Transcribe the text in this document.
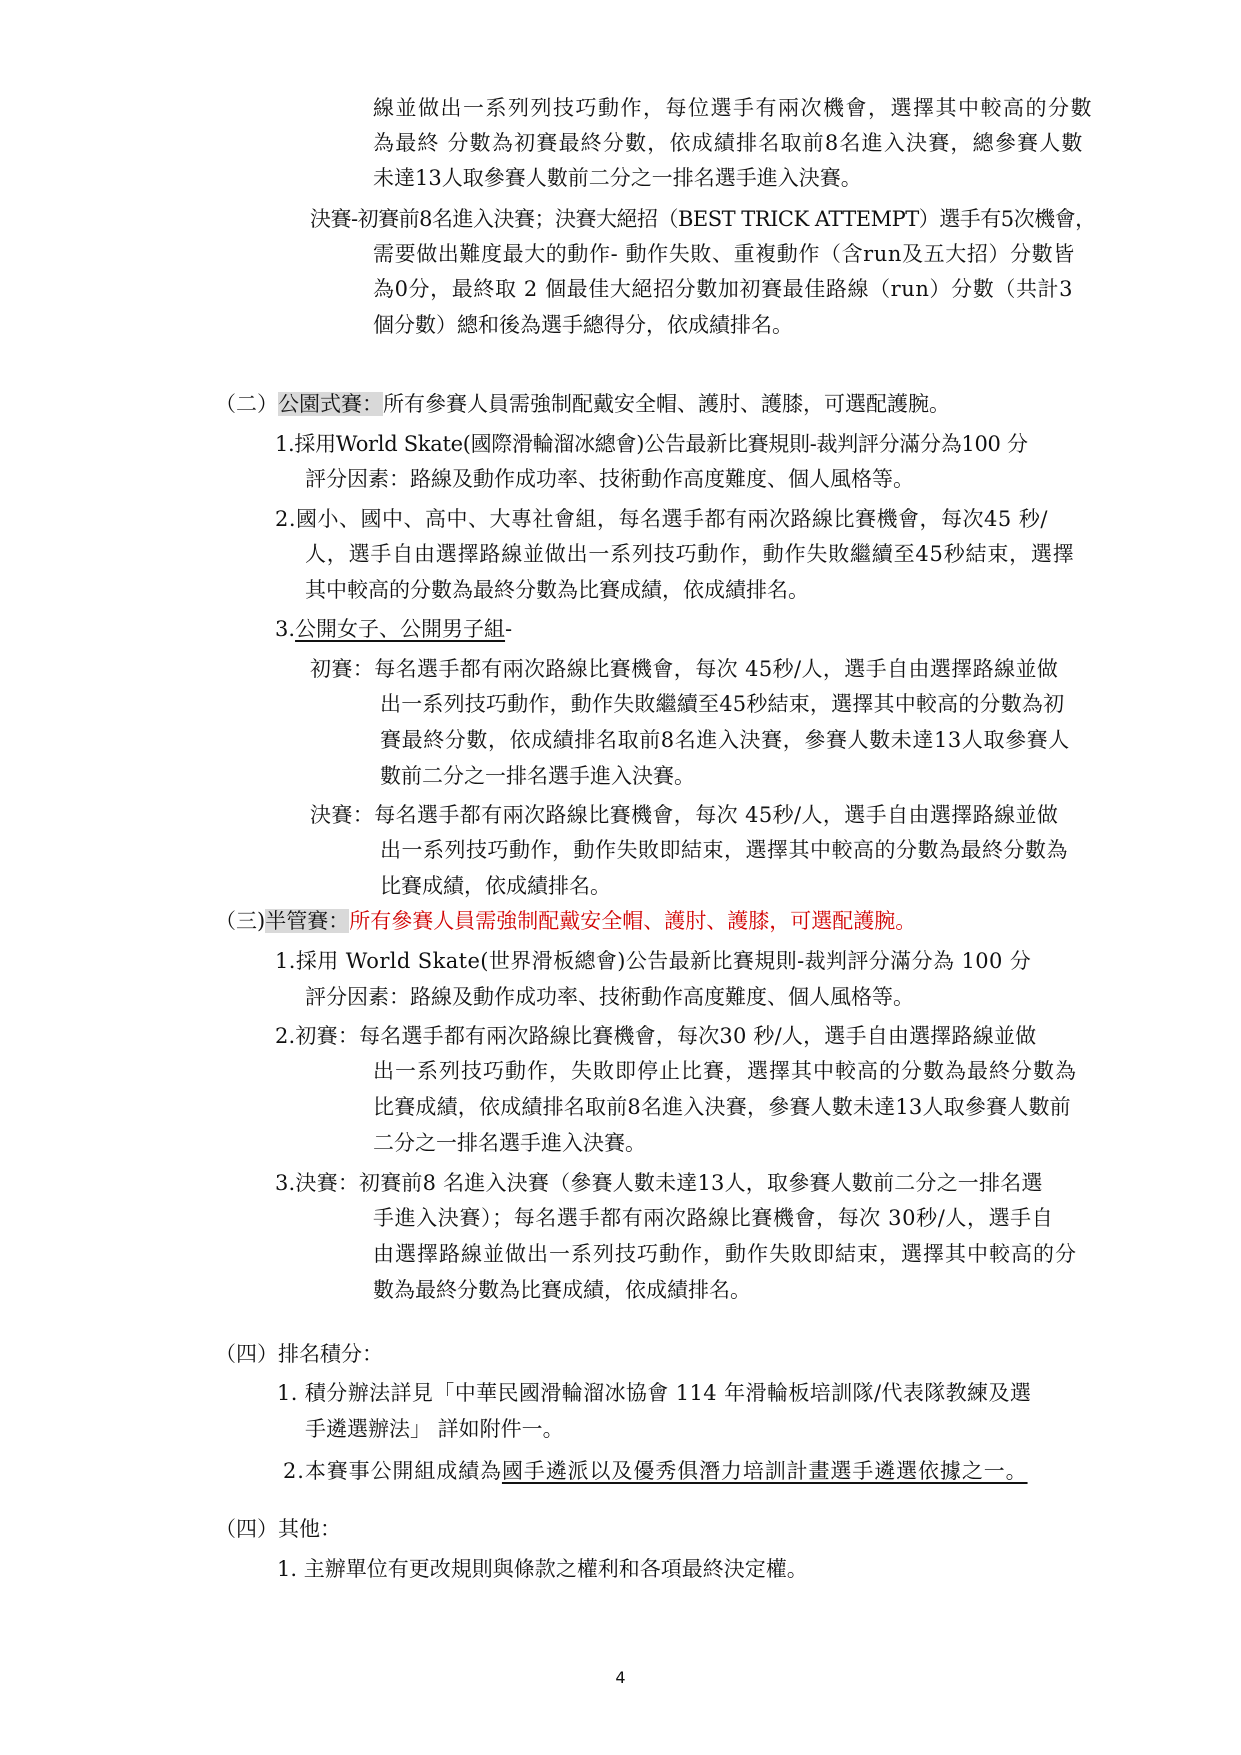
線並做出一系列列技巧動作，每位選手有兩次機會，選擇其中較高的分數
為最終 分數為初賽最終分數，依成績排名取前8名進入決賽，總參賽人數
未達13人取參賽人數前二分之一排名選手進入決賽。
決賽-初賽前8名進入決賽；決賽大絕招（BEST TRICK ATTEMPT）選手有5次機會，
需要做出難度最大的動作- 動作失敗、重複動作（含run及五大招）分數皆
為0分，最終取 2 個最佳大絕招分數加初賽最佳路線（run）分數（共計3
個分數）總和後為選手總得分，依成績排名。
（二）公園式賽：所有參賽人員需強制配戴安全帽、護肘、護膝，可選配護腕。
1.採用World Skate(國際滑輪溜冰總會)公告最新比賽規則-裁判評分滿分為100 分
評分因素：路線及動作成功率、技術動作高度難度、個人風格等。
2.國小、國中、高中、大專社會組，每名選手都有兩次路線比賽機會，每次45 秒/
人，選手自由選擇路線並做出一系列技巧動作，動作失敗繼續至45秒結束，選擇
其中較高的分數為最終分數為比賽成績，依成績排名。
3.公開女子、公開男子組-
初賽：每名選手都有兩次路線比賽機會，每次 45秒/人，選手自由選擇路線並做
出一系列技巧動作，動作失敗繼續至45秒結束，選擇其中較高的分數為初
賽最終分數，依成績排名取前8名進入決賽，參賽人數未達13人取參賽人
數前二分之一排名選手進入決賽。
決賽：每名選手都有兩次路線比賽機會，每次 45秒/人，選手自由選擇路線並做
出一系列技巧動作，動作失敗即結束，選擇其中較高的分數為最終分數為
比賽成績，依成績排名。
（三)半管賽：所有參賽人員需強制配戴安全帽、護肘、護膝，可選配護腕。
1.採用 World Skate(世界滑板總會)公告最新比賽規則-裁判評分滿分為 100 分
評分因素：路線及動作成功率、技術動作高度難度、個人風格等。
2.初賽：每名選手都有兩次路線比賽機會，每次30 秒/人，選手自由選擇路線並做
出一系列技巧動作，失敗即停止比賽，選擇其中較高的分數為最終分數為
比賽成績，依成績排名取前8名進入決賽，參賽人數未達13人取參賽人數前
二分之一排名選手進入決賽。
3.決賽：初賽前8 名進入決賽（參賽人數未達13人，取參賽人數前二分之一排名選
手進入決賽）；每名選手都有兩次路線比賽機會，每次 30秒/人，選手自
由選擇路線並做出一系列技巧動作，動作失敗即結束，選擇其中較高的分
數為最終分數為比賽成績，依成績排名。
（四）排名積分：
1. 積分辦法詳見「中華民國滑輪溜冰協會 114 年滑輪板培訓隊/代表隊教練及選
手遴選辦法」 詳如附件一。
2.本賽事公開組成績為國手遴派以及優秀俱潛力培訓計畫選手遴選依據之一。
（四）其他：
1. 主辦單位有更改規則與條款之權利和各項最終決定權。
4
